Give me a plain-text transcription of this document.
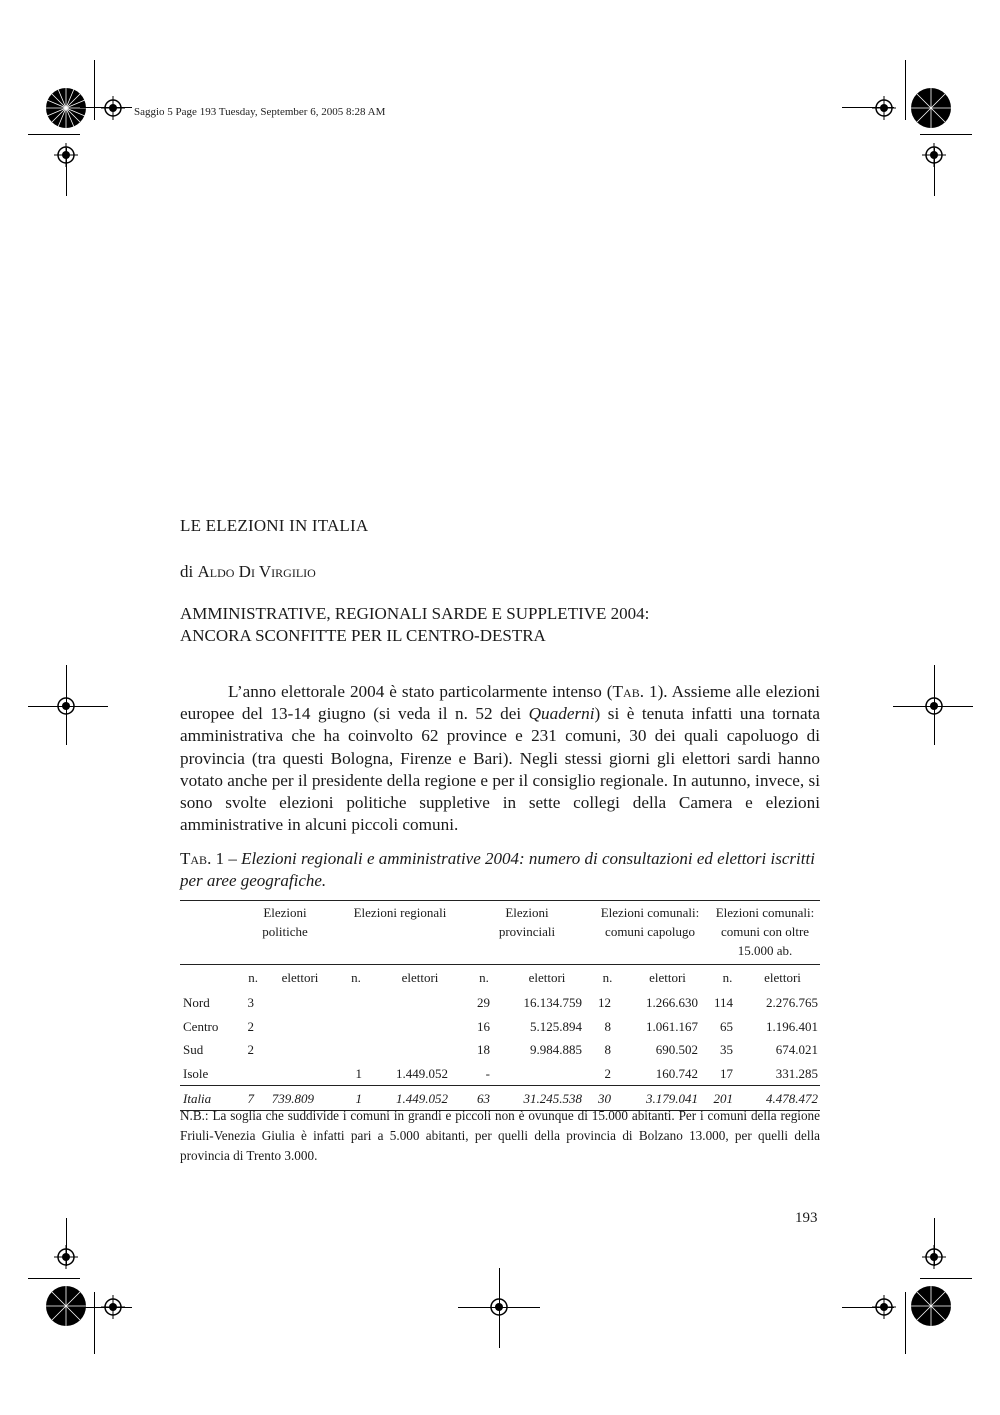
Saggio 5 Page 193 Tuesday, September 6, 2005 8:28 AM
LE ELEZIONI IN ITALIA
di Aldo Di Virgilio
AMMINISTRATIVE, REGIONALI SARDE E SUPPLETIVE 2004:
ANCORA SCONFITTE PER IL CENTRO-DESTRA
L’anno elettorale 2004 è stato particolarmente intenso (Tab. 1). Assieme alle elezioni europee del 13-14 giugno (si veda il n. 52 dei Quaderni) si è tenuta infatti una tornata amministrativa che ha coinvolto 62 province e 231 comuni, 30 dei quali capoluogo di provincia (tra questi Bologna, Firenze e Bari). Negli stessi giorni gli elettori sardi hanno votato anche per il presidente della regione e per il consiglio regionale. In autunno, invece, si sono svolte elezioni politiche suppletive in sette collegi della Camera e elezioni amministrative in alcuni piccoli comuni.
Tab. 1 – Elezioni regionali e amministrative 2004: numero di consultazioni ed elettori iscritti per aree geografiche.
	Elezioni politiche		Elezioni regionali		Elezioni provinciali		Elezioni comunali: comuni capolugo		Elezioni comunali: comuni con oltre 15.000 ab.	
	n.	elettori	n.	elettori	n.	elettori	n.	elettori	n.	elettori
Nord	3				29	16.134.759	12	1.266.630	114	2.276.765
Centro	2				16	5.125.894	8	1.061.167	65	1.196.401
Sud	2				18	9.984.885	8	690.502	35	674.021
Isole			1	1.449.052	-		2	160.742	17	331.285
Italia	7	739.809	1	1.449.052	63	31.245.538	30	3.179.041	201	4.478.472
N.B.: La soglia che suddivide i comuni in grandi e piccoli non è ovunque di 15.000 abitanti. Per i comuni della regione Friuli-Venezia Giulia è infatti pari a 5.000 abitanti, per quelli della provincia di Bolzano 13.000, per quelli della provincia di Trento 3.000.
193
